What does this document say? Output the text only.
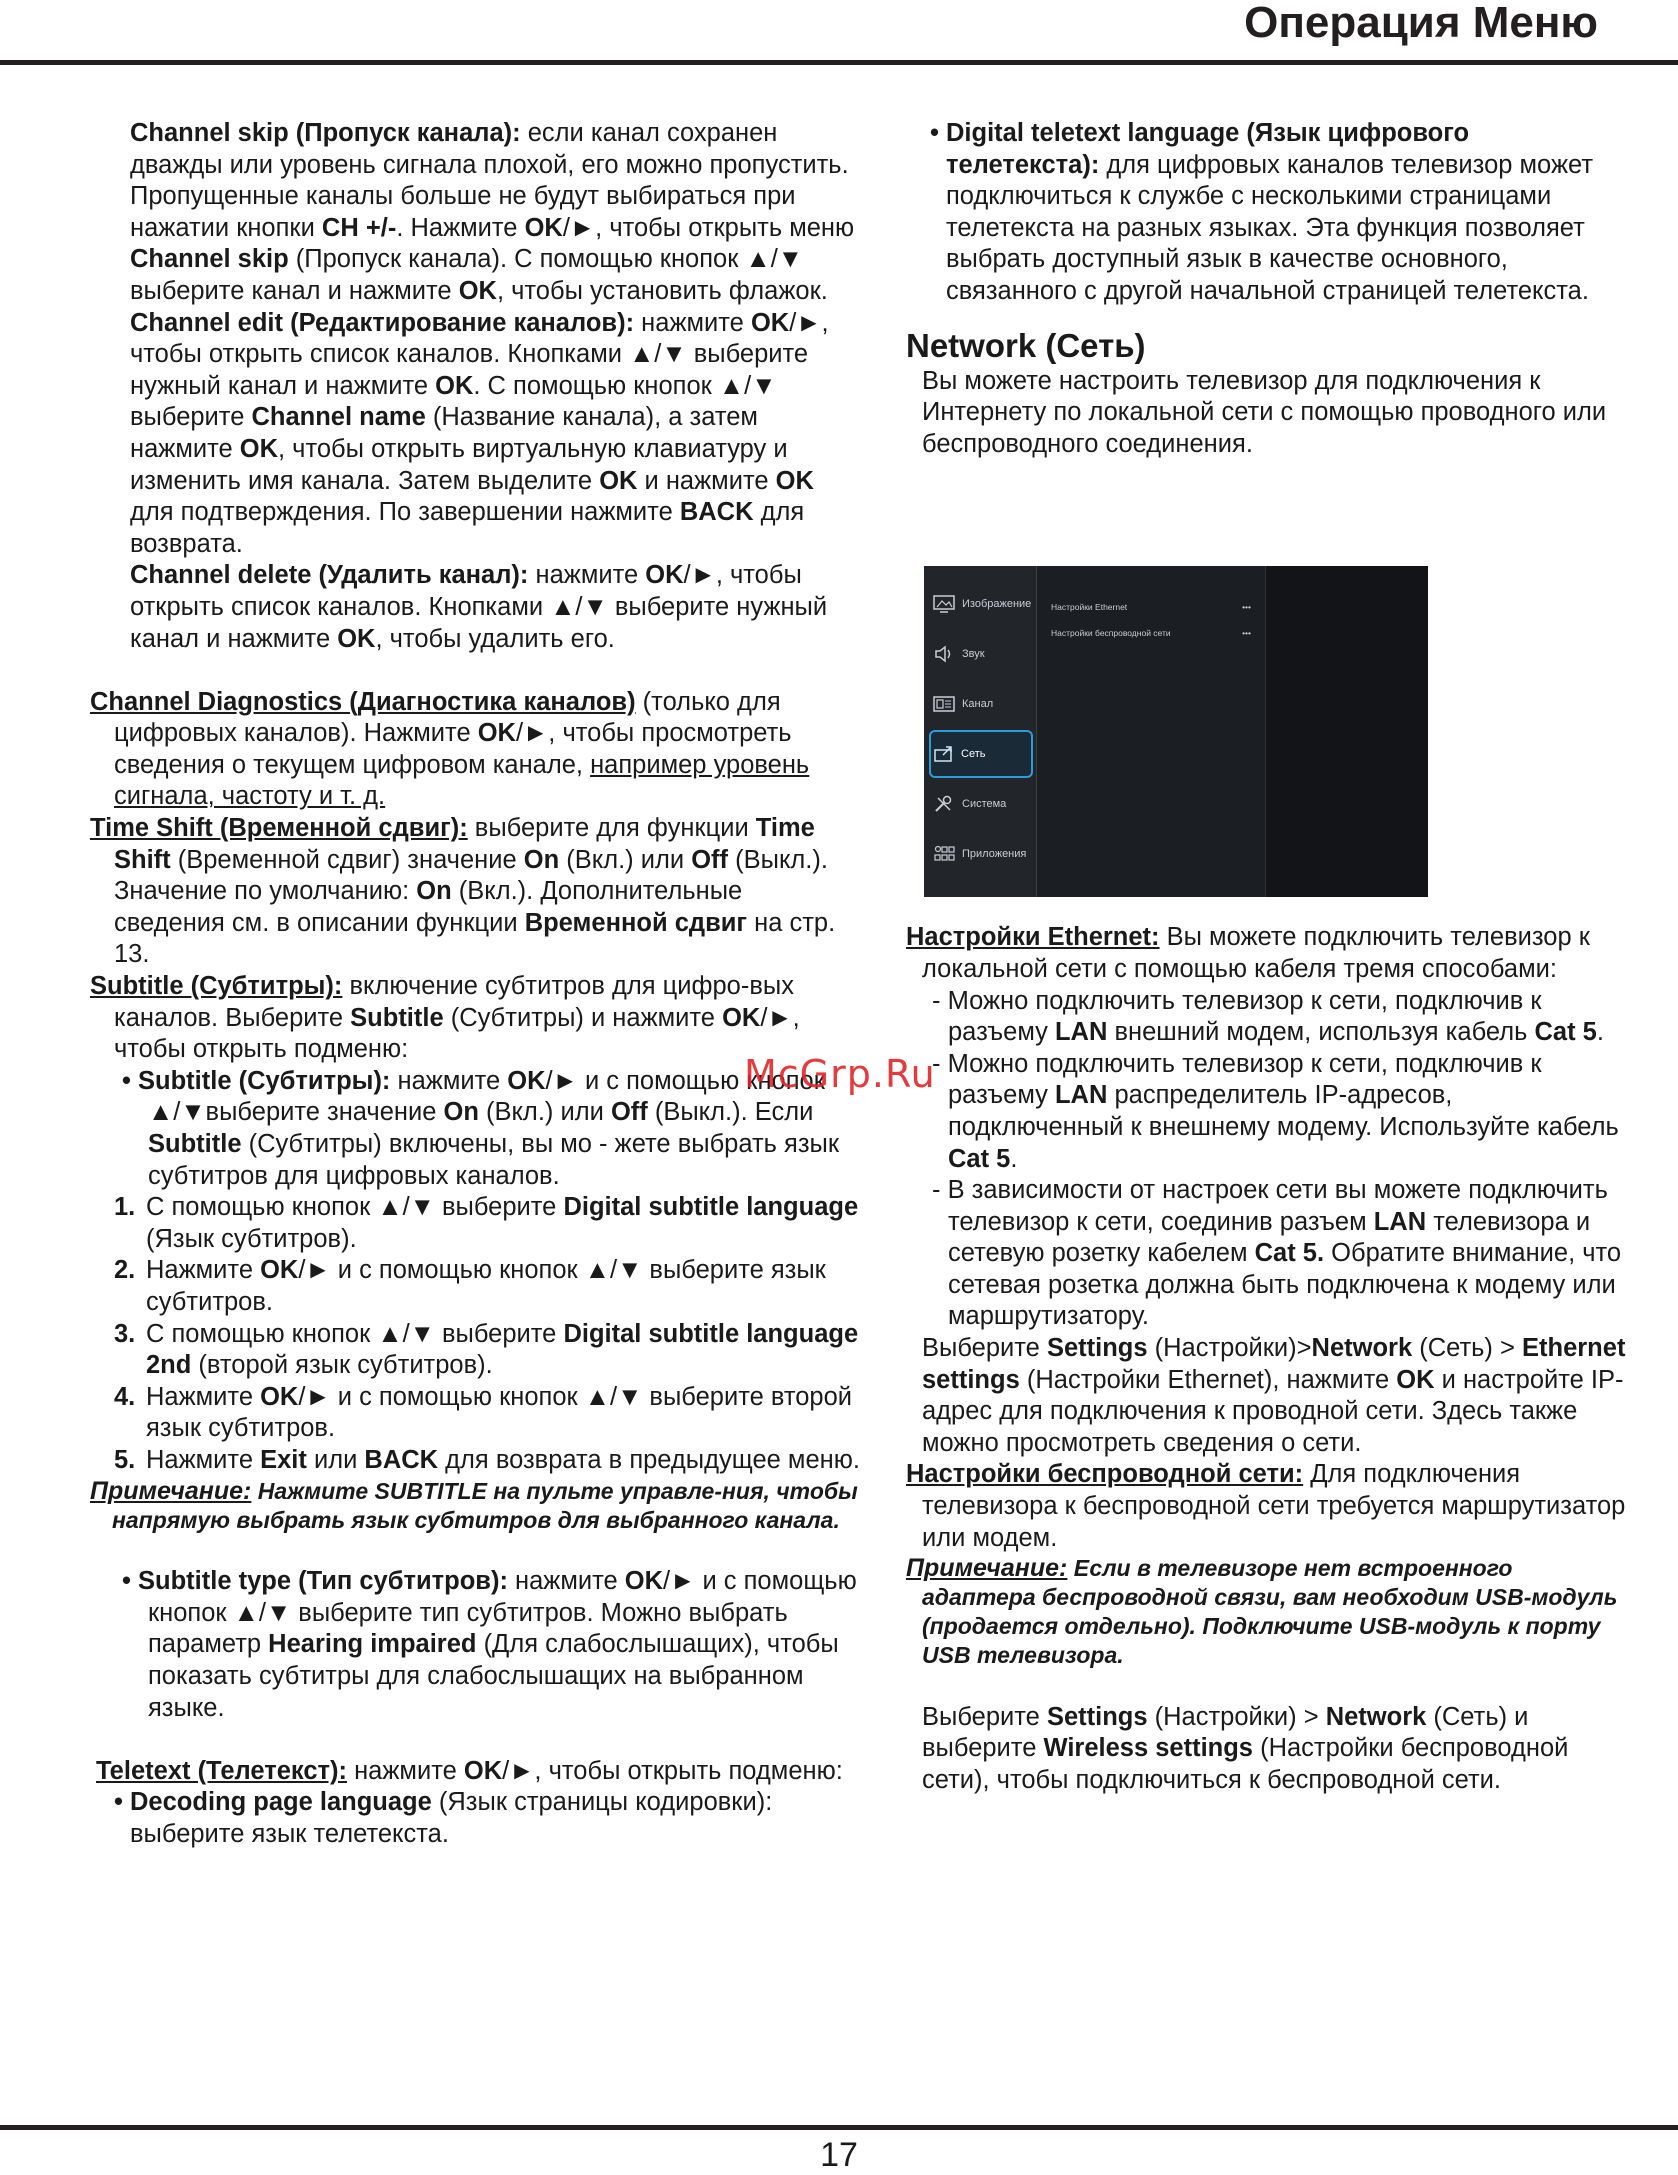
Операция Меню
Channel skip (Пропуск канала): если канал сохранен дважды или уровень сигнала плохой, его можно пропустить. Пропущенные каналы больше не будут выбираться при нажатии кнопки CH +/-. Нажмите OK/►, чтобы открыть меню Channel skip (Пропуск канала). С помощью кнопок ▲/▼ выберите канал и нажмите OK, чтобы установить флажок.
Channel edit (Редактирование каналов): нажмите OK/►, чтобы открыть список каналов. Кнопками ▲/▼ выберите нужный канал и нажмите OK. С помощью кнопок ▲/▼ выберите Channel name (Название канала), а затем нажмите OK, чтобы открыть виртуальную клавиатуру и изменить имя канала. Затем выделите OK и нажмите OK для подтверждения. По завершении нажмите BACK для возврата.
Channel delete (Удалить канал): нажмите OK/►, чтобы открыть список каналов. Кнопками ▲/▼ выберите нужный канал и нажмите OK, чтобы удалить его.
Channel Diagnostics (Диагностика каналов) (только для цифровых каналов). Нажмите OK/►, чтобы просмотреть сведения о текущем цифровом канале, например уровень сигнала, частоту и т. д.
Time Shift (Временной сдвиг): выберите для функции Time Shift (Временной сдвиг) значение On (Вкл.) или Off (Выкл.). Значение по умолчанию: On (Вкл.). Дополнительные сведения см. в описании функции Временной сдвиг на стр. 13.
Subtitle (Субтитры): включение субтитров для цифро-вых каналов. Выберите Subtitle (Субтитры) и нажмите OK/►, чтобы открыть подменю:
• Subtitle (Субтитры): нажмите OK/► и с помощью кнопок ▲/▼выберите значение On (Вкл.) или Off (Выкл.). Если Subtitle (Субтитры) включены, вы мо - жете выбрать язык субтитров для цифровых каналов.
1. С помощью кнопок ▲/▼ выберите Digital subtitle language (Язык субтитров).
2. Нажмите OK/► и с помощью кнопок ▲/▼ выберите язык субтитров.
3. С помощью кнопок ▲/▼ выберите Digital subtitle language 2nd (второй язык субтитров).
4. Нажмите OK/► и с помощью кнопок ▲/▼ выберите второй язык субтитров.
5. Нажмите Exit или BACK для возврата в предыдущее меню.
Примечание: Нажмите SUBTITLE на пульте управле-ния, чтобы напрямую выбрать язык субтитров для выбранного канала.
• Subtitle type (Тип субтитров): нажмите OK/► и с помощью кнопок ▲/▼ выберите тип субтитров. Можно выбрать параметр Hearing impaired (Для слабослышащих), чтобы показать субтитры для слабослышащих на выбранном языке.
Teletext (Телетекст): нажмите OK/►, чтобы открыть подменю:
• Decoding page language (Язык страницы кодировки): выберите язык телетекста.
• Digital teletext language (Язык цифрового телетекста): для цифровых каналов телевизор может подключиться к службе с несколькими страницами телетекста на разных языках. Эта функция позволяет выбрать доступный язык в качестве основного, связанного с другой начальной страницей телетекста.
Network (Сеть)
Вы можете настроить телевизор для подключения к Интернету по локальной сети с помощью проводного или беспроводного соединения.
Настройки Ethernet: Вы можете подключить телевизор к локальной сети с помощью кабеля тремя способами:
- Можно подключить телевизор к сети, подключив к разъему LAN внешний модем, используя кабель Cat 5.
- Можно подключить телевизор к сети, подключив к разъему LAN распределитель IP-адресов, подключенный к внешнему модему. Используйте кабель Cat 5.
- В зависимости от настроек сети вы можете подключить телевизор к сети, соединив разъем LAN телевизора и сетевую розетку кабелем Cat 5. Обратите внимание, что сетевая розетка должна быть подключена к модему или маршрутизатору.
Выберите Settings (Настройки)>Network (Сеть) > Ethernet settings (Настройки Ethernet), нажмите OK и настройте IP-адрес для подключения к проводной сети. Здесь также можно просмотреть сведения о сети.
Настройки беспроводной сети: Для подключения телевизора к беспроводной сети требуется маршрутизатор или модем.
Примечание: Если в телевизоре нет встроенного адаптера беспроводной связи, вам необходим USB-модуль (продается отдельно). Подключите USB-модуль к порту USB телевизора.
Выберите Settings (Настройки) > Network (Сеть) и выберите Wireless settings (Настройки беспроводной сети), чтобы подключиться к беспроводной сети.
Изображение
Звук
Канал
Сеть
Система
Приложения
Настройки Ethernet	•••
Настройки беспроводной сети	•••
McGrp.Ru
17
